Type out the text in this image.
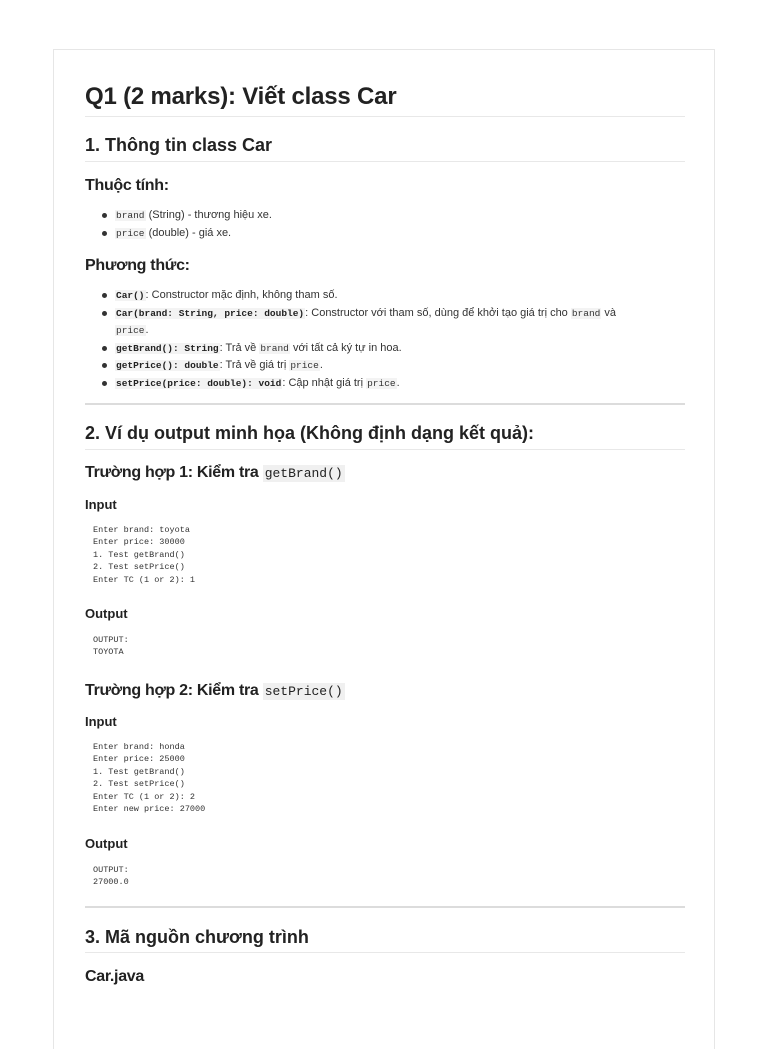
Q1 (2 marks): Viết class Car
1. Thông tin class Car
Thuộc tính:
brand (String) - thương hiệu xe.
price (double) - giá xe.
Phương thức:
Car(): Constructor mặc định, không tham số.
Car(brand: String, price: double): Constructor với tham số, dùng để khởi tạo giá trị cho brand và
price.
getBrand(): String: Trả về brand với tất cả ký tự in hoa.
getPrice(): double: Trả về giá trị price.
setPrice(price: double): void: Cập nhật giá trị price.
2. Ví dụ output minh họa (Không định dạng kết quả):
Trường hợp 1: Kiểm tra getBrand()
Input
Enter brand: toyota
Enter price: 30000
1. Test getBrand()
2. Test setPrice()
Enter TC (1 or 2): 1
Output
OUTPUT:
TOYOTA
Trường hợp 2: Kiểm tra setPrice()
Input
Enter brand: honda
Enter price: 25000
1. Test getBrand()
2. Test setPrice()
Enter TC (1 or 2): 2
Enter new price: 27000
Output
OUTPUT:
27000.0
3. Mã nguồn chương trình
Car.java
